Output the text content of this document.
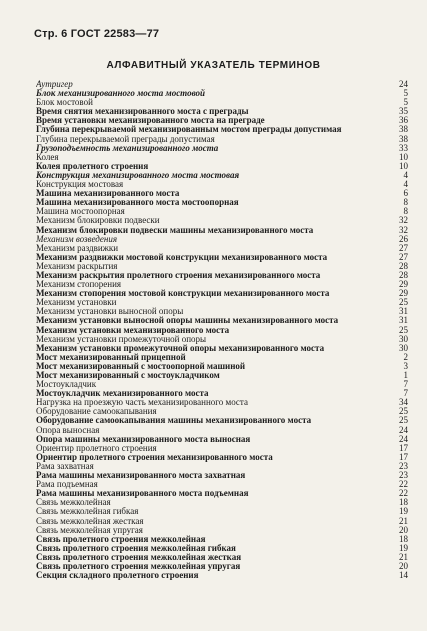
Стр. 6 ГОСТ 22583—77
АЛФАВИТНЫЙ УКАЗАТЕЛЬ ТЕРМИНОВ
Аутригер	24
Блок механизированного моста мостовой	5
Блок мостовой	5
Время снятия механизированного моста с преграды	35
Время установки механизированного моста на преграде	36
Глубина перекрываемой механизированным мостом преграды допустимая	38
Глубина перекрываемой преграды допустимая	38
Грузоподъемность механизированного моста	33
Колея	10
Колея пролетного строения	10
Конструкция механизированного моста мостовая	4
Конструкция мостовая	4
Машина механизированного моста	6
Машина механизированного моста мостоопорная	8
Машина мостоопорная	8
Механизм блокировки подвески	32
Механизм блокировки подвески машины механизированного моста	32
Механизм возведения	26
Механизм раздвижки	27
Механизм раздвижки мостовой конструкции механизированного моста	27
Механизм раскрытия	28
Механизм раскрытия пролетного строения механизированного моста	28
Механизм стопорения	29
Механизм стопорения мостовой конструкции механизированного моста	29
Механизм установки	25
Механизм установки выносной опоры	31
Механизм установки выносной опоры машины механизированного моста	31
Механизм установки механизированного моста	25
Механизм установки промежуточной опоры	30
Механизм установки промежуточной опоры механизированного моста	30
Мост механизированный прицепной	2
Мост механизированный с мостоопорной машиной	3
Мост механизированный с мостоукладчиком	1
Мостоукладчик	7
Мостоукладчик механизированного моста	7
Нагрузка на проезжую часть механизированного моста	34
Оборудование самоокапывания	25
Оборудование самоокапывания машины механизированного моста	25
Опора выносная	24
Опора машины механизированного моста выносная	24
Ориентир пролетного строения	17
Ориентир пролетного строения механизированного моста	17
Рама захватная	23
Рама машины механизированного моста захватная	23
Рама подъемная	22
Рама машины механизированного моста подъемная	22
Связь межколейная	18
Связь межколейная гибкая	19
Связь межколейная жесткая	21
Связь межколейная упругая	20
Связь пролетного строения межколейная	18
Связь пролетного строения межколейная гибкая	19
Связь пролетного строения межколейная жесткая	21
Связь пролетного строения межколейная упругая	20
Секция складного пролетного строения	14
